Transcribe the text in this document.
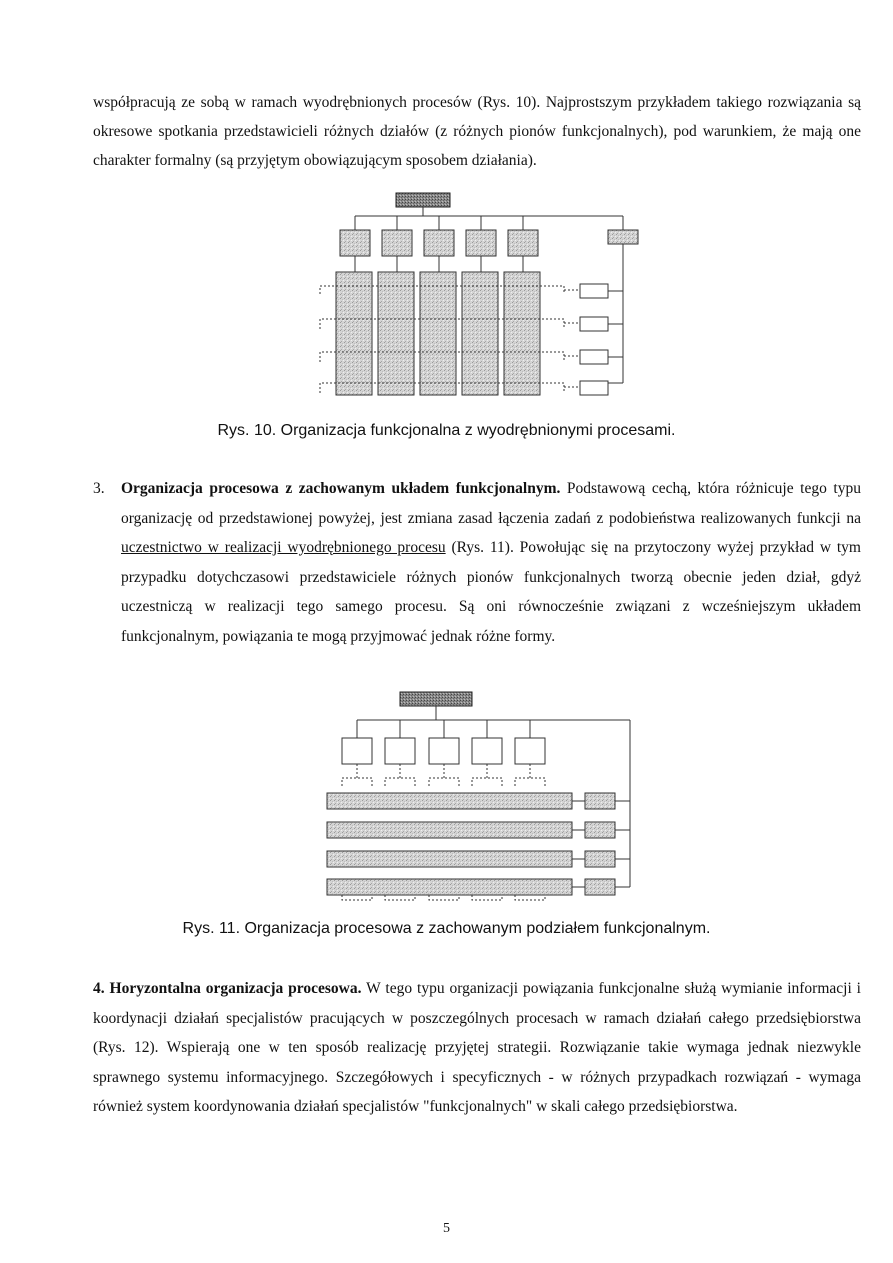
współpracują ze sobą w ramach wyodrębnionych procesów (Rys. 10). Najprostszym przykładem takiego rozwiązania są okresowe spotkania przedstawicieli różnych działów (z różnych pionów funkcjonalnych), pod warunkiem, że mają one charakter formalny (są przyjętym obowiązującym sposobem działania).

Rys. 10. Organizacja funkcjonalna z wyodrębnionymi procesami.
3. Organizacja procesowa z zachowanym układem funkcjonalnym. Podstawową cechą, która różnicuje tego typu organizację od przedstawionej powyżej, jest zmiana zasad łączenia zadań z podobieństwa realizowanych funkcji na uczestnictwo w realizacji wyodrębnionego procesu (Rys. 11). Powołując się na przytoczony wyżej przykład w tym przypadku dotychczasowi przedstawiciele różnych pionów funkcjonalnych tworzą obecnie jeden dział, gdyż uczestniczą w realizacji tego samego procesu. Są oni równocześnie związani z wcześniejszym układem funkcjonalnym, powiązania te mogą przyjmować jednak różne formy.

Rys. 11. Organizacja procesowa z zachowanym podziałem funkcjonalnym.

4. Horyzontalna organizacja procesowa. W tego typu organizacji powiązania funkcjonalne służą wymianie informacji i koordynacji działań specjalistów pracujących w poszczególnych procesach w ramach działań całego przedsiębiorstwa (Rys. 12). Wspierają one w ten sposób realizację przyjętej strategii. Rozwiązanie takie wymaga jednak niezwykle sprawnego systemu informacyjnego. Szczegółowych i specyficznych - w różnych przypadkach rozwiązań - wymaga również system koordynowania działań specjalistów "funkcjonalnych" w skali całego przedsiębiorstwa.

5
